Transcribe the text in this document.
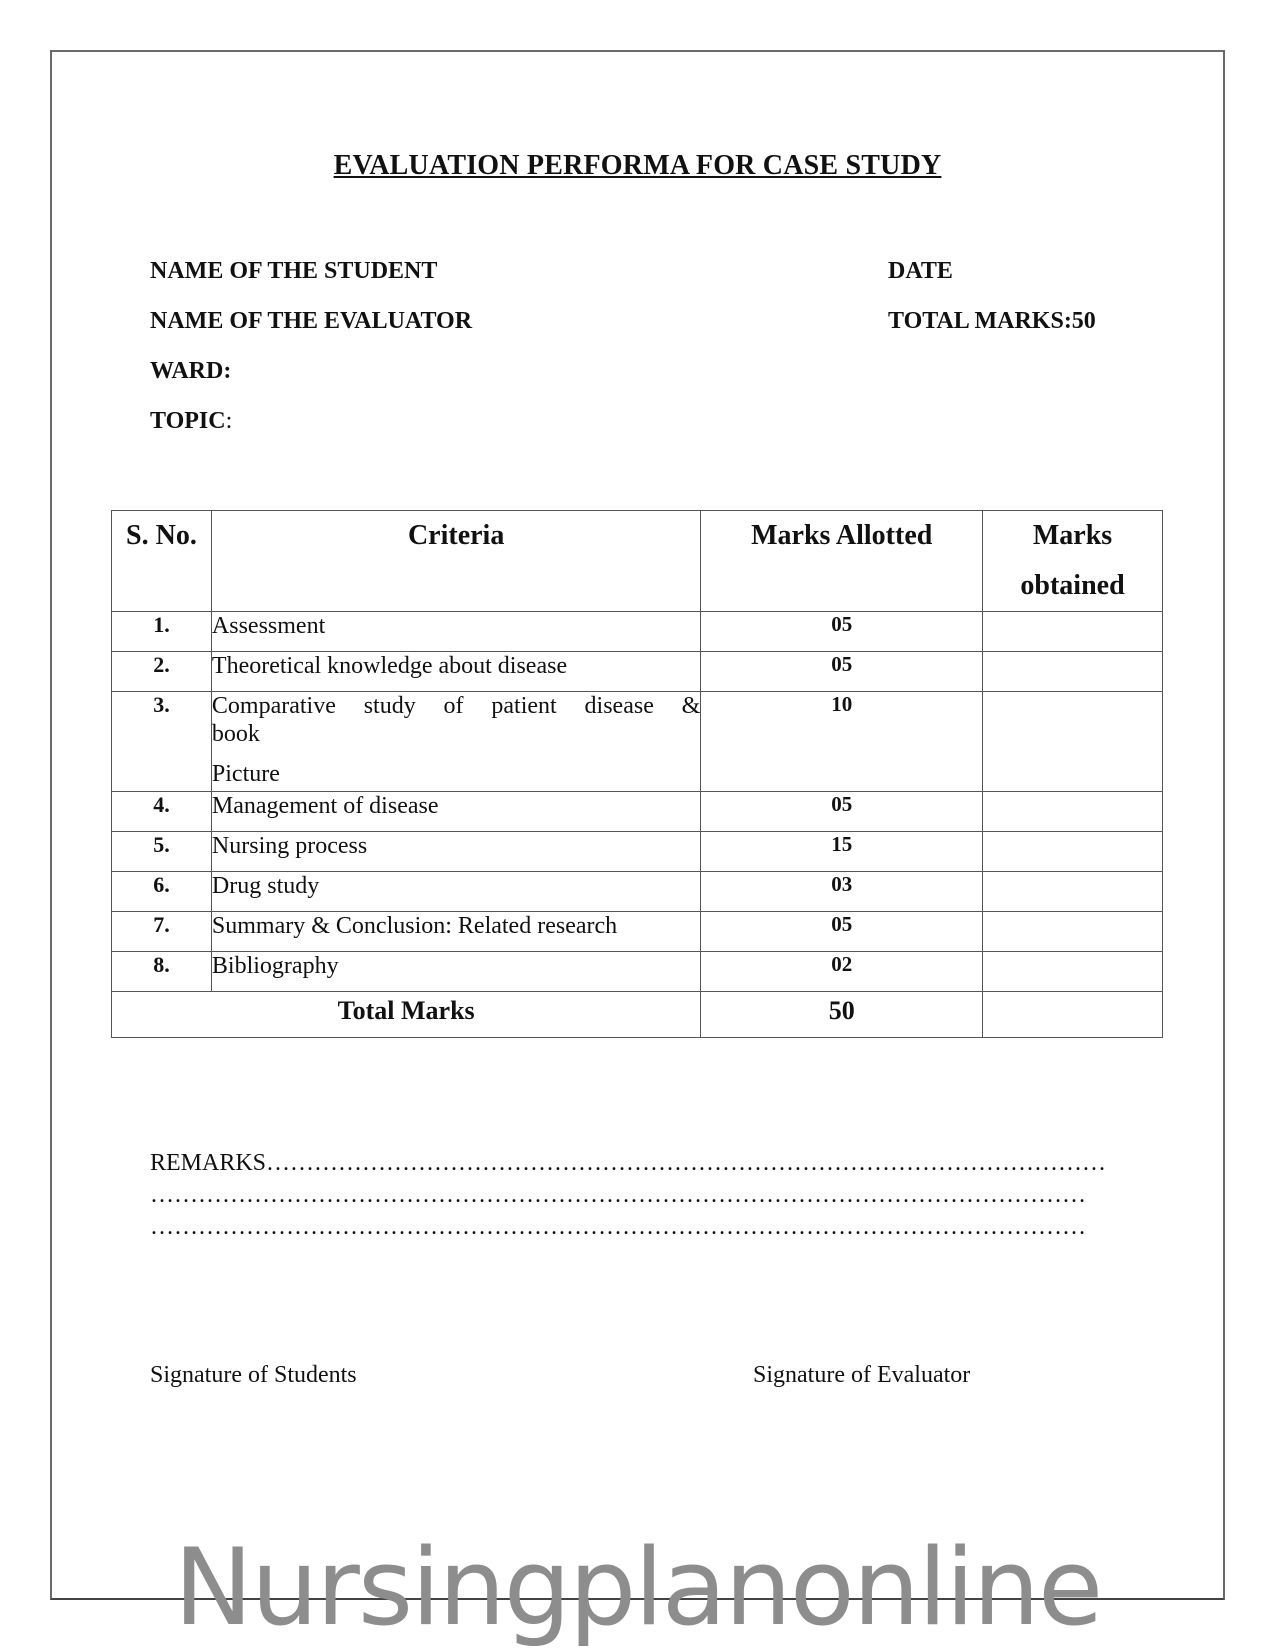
EVALUATION PERFORMA FOR CASE STUDY
NAME OF THE STUDENT
NAME OF THE EVALUATOR
WARD:
TOPIC:
DATE
TOTAL MARKS:50
S. No.	Criteria	Marks Allotted	Marks
obtained
1.	Assessment	05	
2.	Theoretical knowledge about disease	05	
3.	Comparative study of patient disease &
book
Picture	10	
4.	Management of disease	05	
5.	Nursing process	15	
6.	Drug study	03	
7.	Summary & Conclusion: Related research	05	
8.	Bibliography	02	
Total Marks		50	
REMARKS……………………………………………………………………………………………
………………………………………………………………………………………………………
………………………………………………………………………………………………………
Signature of Students	Signature of Evaluator
Nursingplanonline
